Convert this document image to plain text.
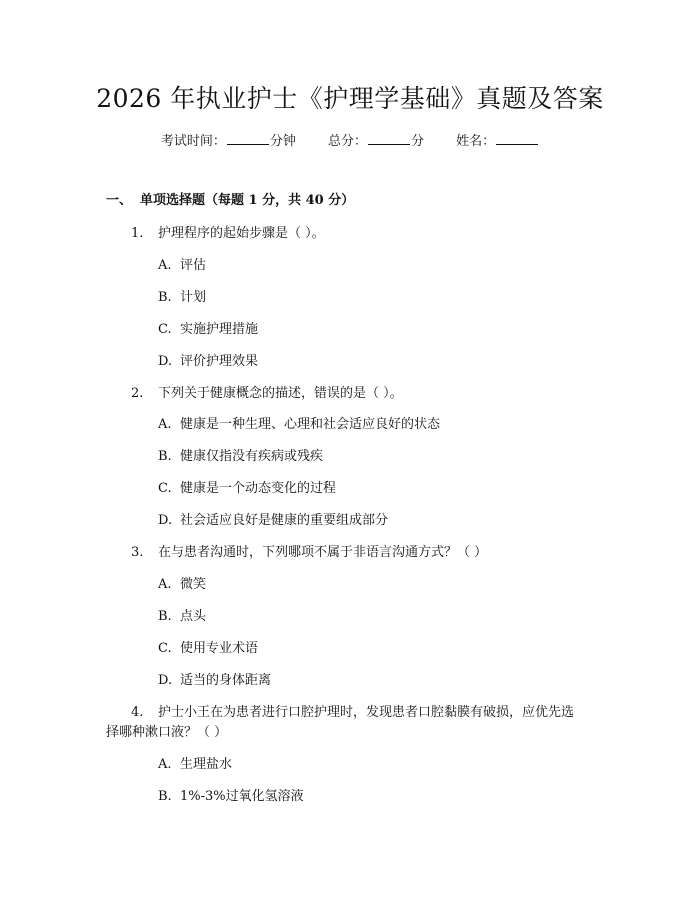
2026 年执业护士《护理学基础》真题及答案
考试时间：	分钟 总分：	分 姓名：
一、 单项选择题（每题 1 分，共 40 分）
1. 护理程序的起始步骤是（ ）。
A. 评估
B. 计划
C. 实施护理措施
D. 评价护理效果
2. 下列关于健康概念的描述，错误的是（ ）。
A. 健康是一种生理、心理和社会适应良好的状态
B. 健康仅指没有疾病或残疾
C. 健康是一个动态变化的过程
D. 社会适应良好是健康的重要组成部分
3. 在与患者沟通时，下列哪项不属于非语言沟通方式？（ ）
A. 微笑
B. 点头
C. 使用专业术语
D. 适当的身体距离
4. 护士小王在为患者进行口腔护理时，发现患者口腔黏膜有破损，应优先选
择哪种漱口液？（ ）
A. 生理盐水
B. 1%-3%过氧化氢溶液
